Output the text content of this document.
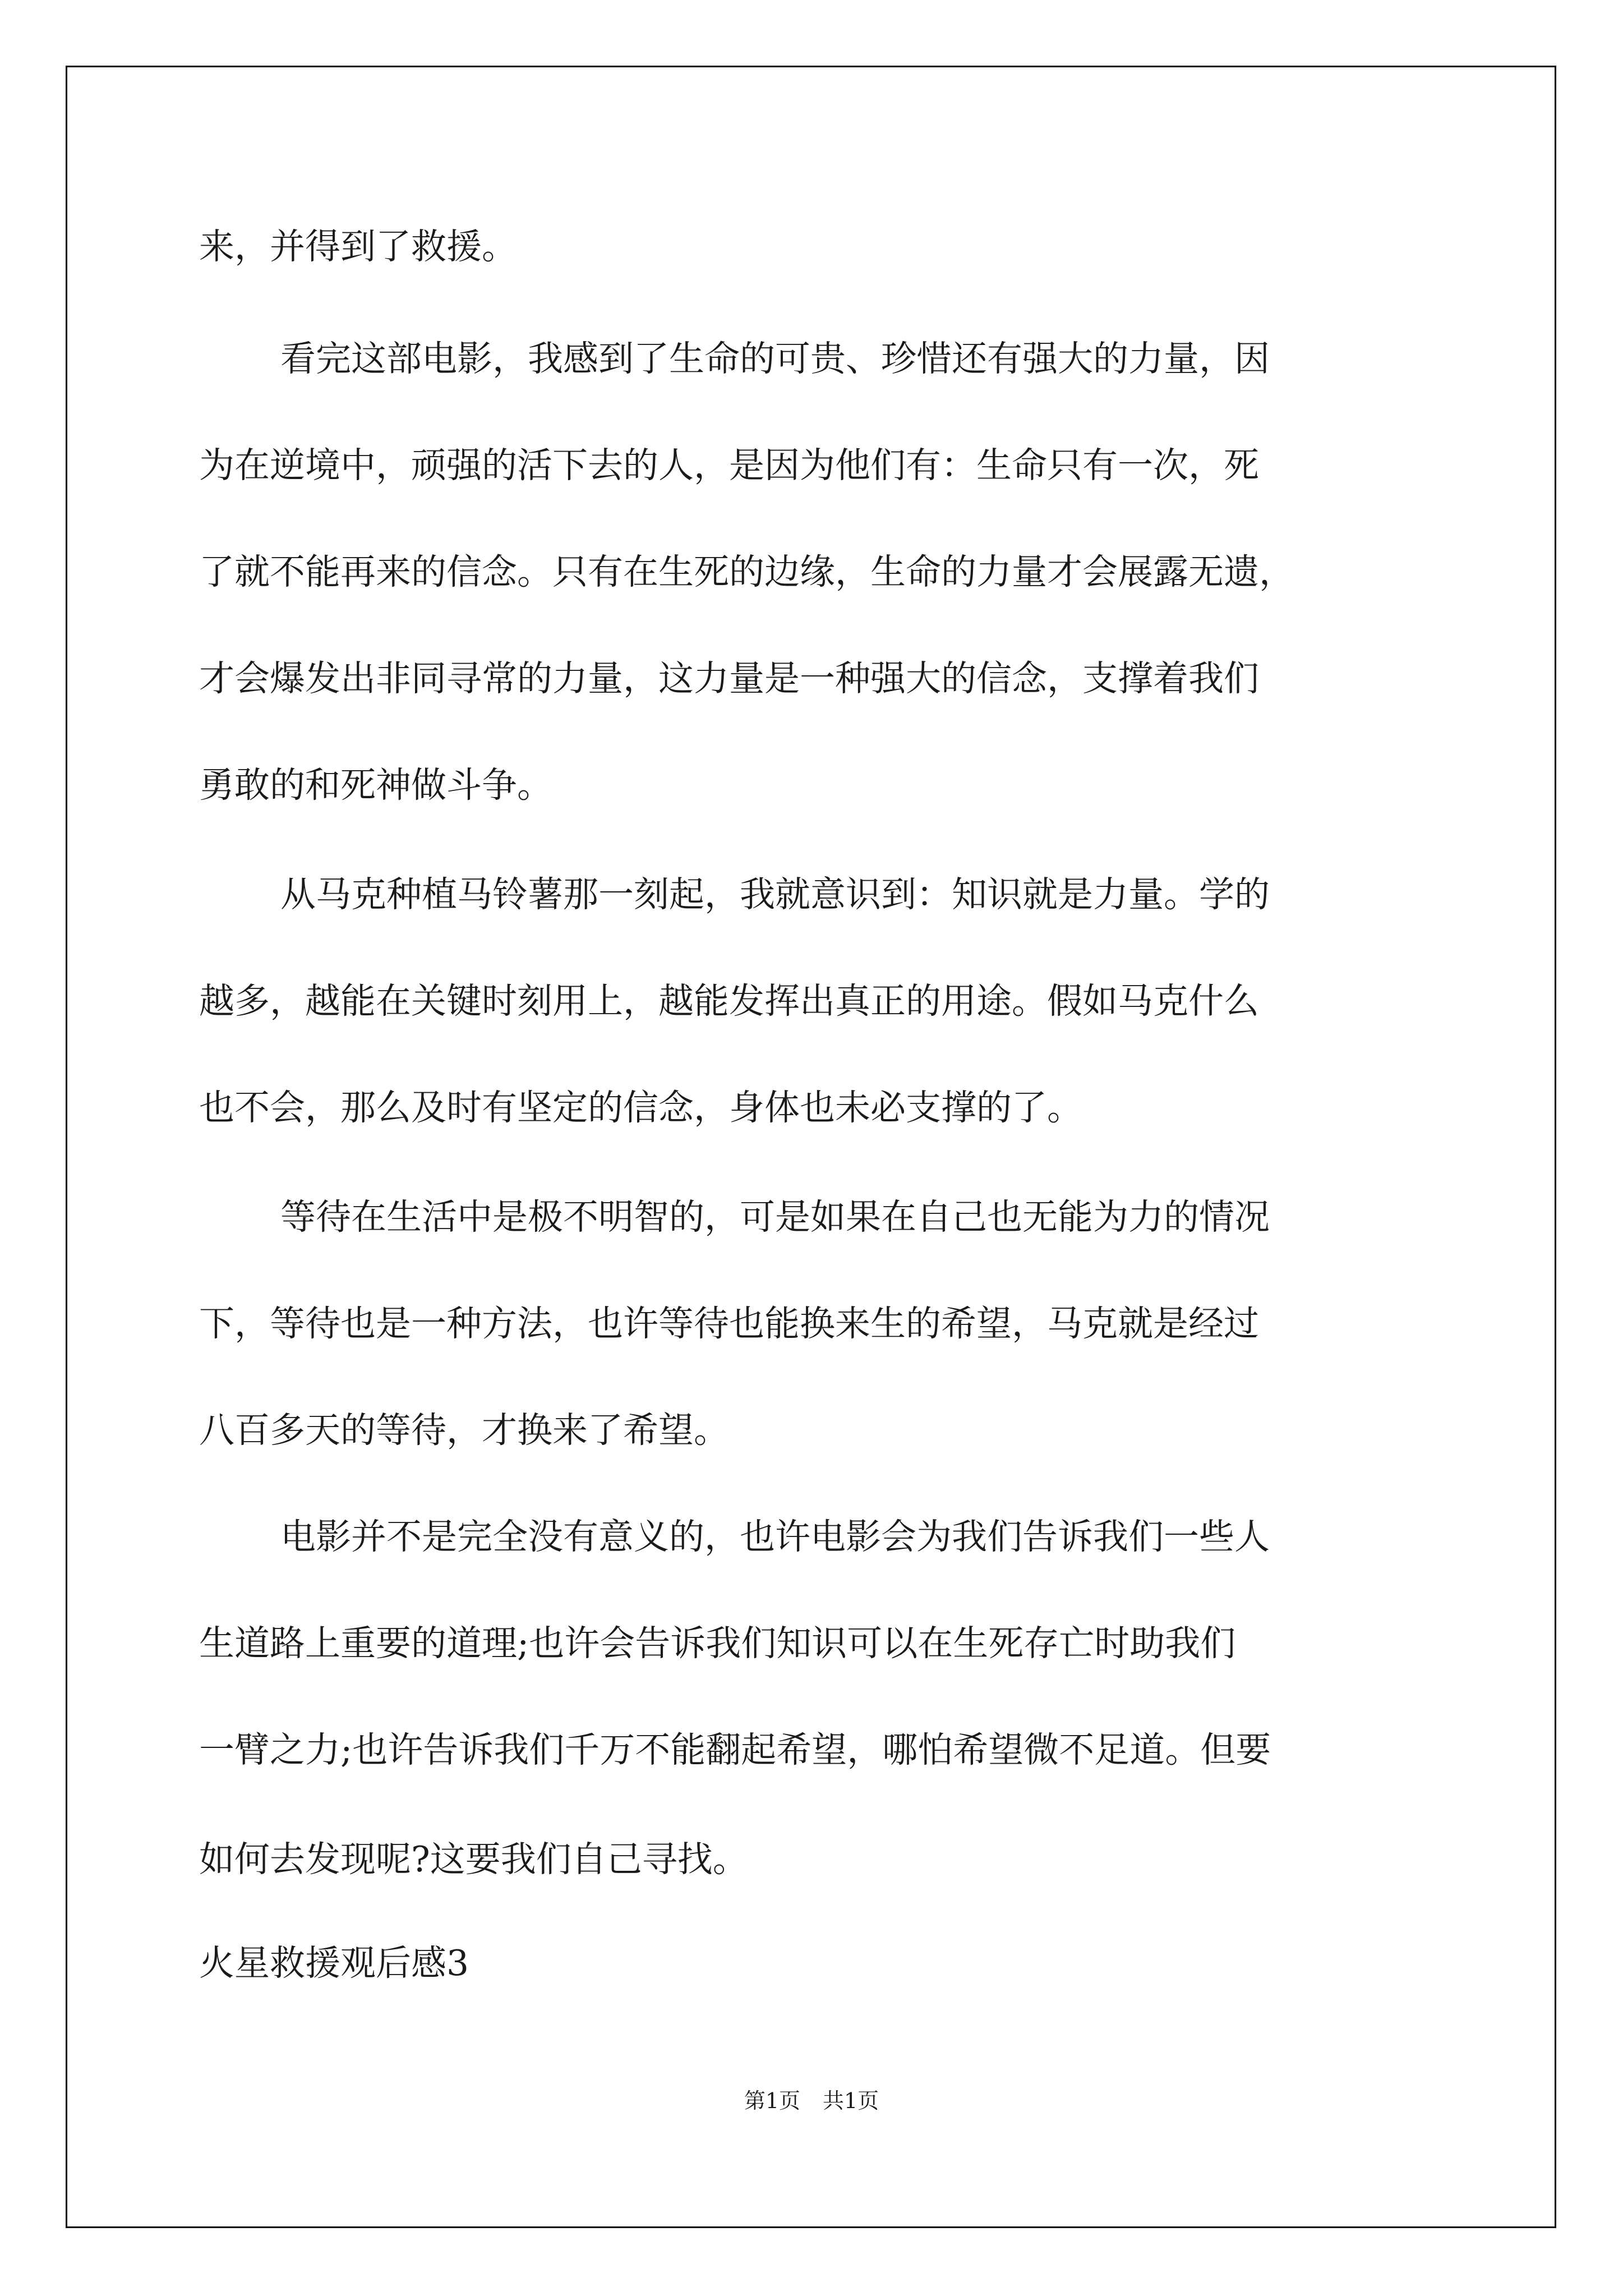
来，并得到了救援。
看完这部电影，我感到了生命的可贵、珍惜还有强大的力量，因
为在逆境中，顽强的活下去的人，是因为他们有：生命只有一次，死
了就不能再来的信念。只有在生死的边缘，生命的力量才会展露无遗，
才会爆发出非同寻常的力量，这力量是一种强大的信念，支撑着我们
勇敢的和死神做斗争。
从马克种植马铃薯那一刻起，我就意识到：知识就是力量。学的
越多，越能在关键时刻用上，越能发挥出真正的用途。假如马克什么
也不会，那么及时有坚定的信念，身体也未必支撑的了。
等待在生活中是极不明智的，可是如果在自己也无能为力的情况
下，等待也是一种方法，也许等待也能换来生的希望，马克就是经过
八百多天的等待，才换来了希望。
电影并不是完全没有意义的，也许电影会为我们告诉我们一些人
生道路上重要的道理;也许会告诉我们知识可以在生死存亡时助我们
一臂之力;也许告诉我们千万不能翻起希望，哪怕希望微不足道。但要
如何去发现呢?这要我们自己寻找。
火星救援观后感3
第1页 共1页
